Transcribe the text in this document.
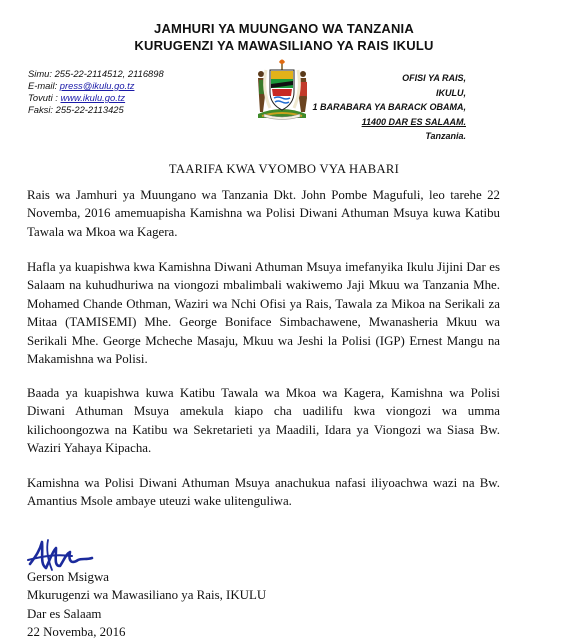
JAMHURI YA MUUNGANO WA TANZANIA
KURUGENZI YA MAWASILIANO YA RAIS IKULU
Simu: 255-22-2114512, 2116898
E-mail: press@ikulu.go.tz
Tovuti : www.ikulu.go.tz
Faksi: 255-22-2113425
OFISI YA RAIS,
IKULU,
1 BARABARA YA BARACK OBAMA,
11400 DAR ES SALAAM.
Tanzania.
TAARIFA KWA VYOMBO VYA HABARI

Rais wa Jamhuri ya Muungano wa Tanzania Dkt. John Pombe Magufuli, leo tarehe 22 Novemba, 2016 amemuapisha Kamishna wa Polisi Diwani Athuman Msuya kuwa Katibu Tawala wa Mkoa wa Kagera.

Hafla ya kuapishwa kwa Kamishna Diwani Athuman Msuya imefanyika Ikulu Jijini Dar es Salaam na kuhudhuriwa na viongozi mbalimbali wakiwemo Jaji Mkuu wa Tanzania Mhe. Mohamed Chande Othman, Waziri wa Nchi Ofisi ya Rais, Tawala za Mikoa na Serikali za Mitaa (TAMISEMI) Mhe. George Boniface Simbachawene, Mwanasheria Mkuu wa Serikali Mhe. George Mcheche Masaju, Mkuu wa Jeshi la Polisi (IGP) Ernest Mangu na Makamishna wa Polisi.

Baada ya kuapishwa kuwa Katibu Tawala wa Mkoa wa Kagera, Kamishna wa Polisi Diwani Athuman Msuya amekula kiapo cha uadilifu kwa viongozi wa umma kilichoongozwa na Katibu wa Sekretarieti ya Maadili, Idara ya Viongozi wa Siasa Bw. Waziri Yahaya Kipacha.

Kamishna wa Polisi Diwani Athuman Msuya anachukua nafasi iliyoachwa wazi na Bw. Amantius Msole ambaye uteuzi wake ulitenguliwa.

Gerson Msigwa
Mkurugenzi wa Mawasiliano ya Rais, IKULU
Dar es Salaam
22 Novemba, 2016
